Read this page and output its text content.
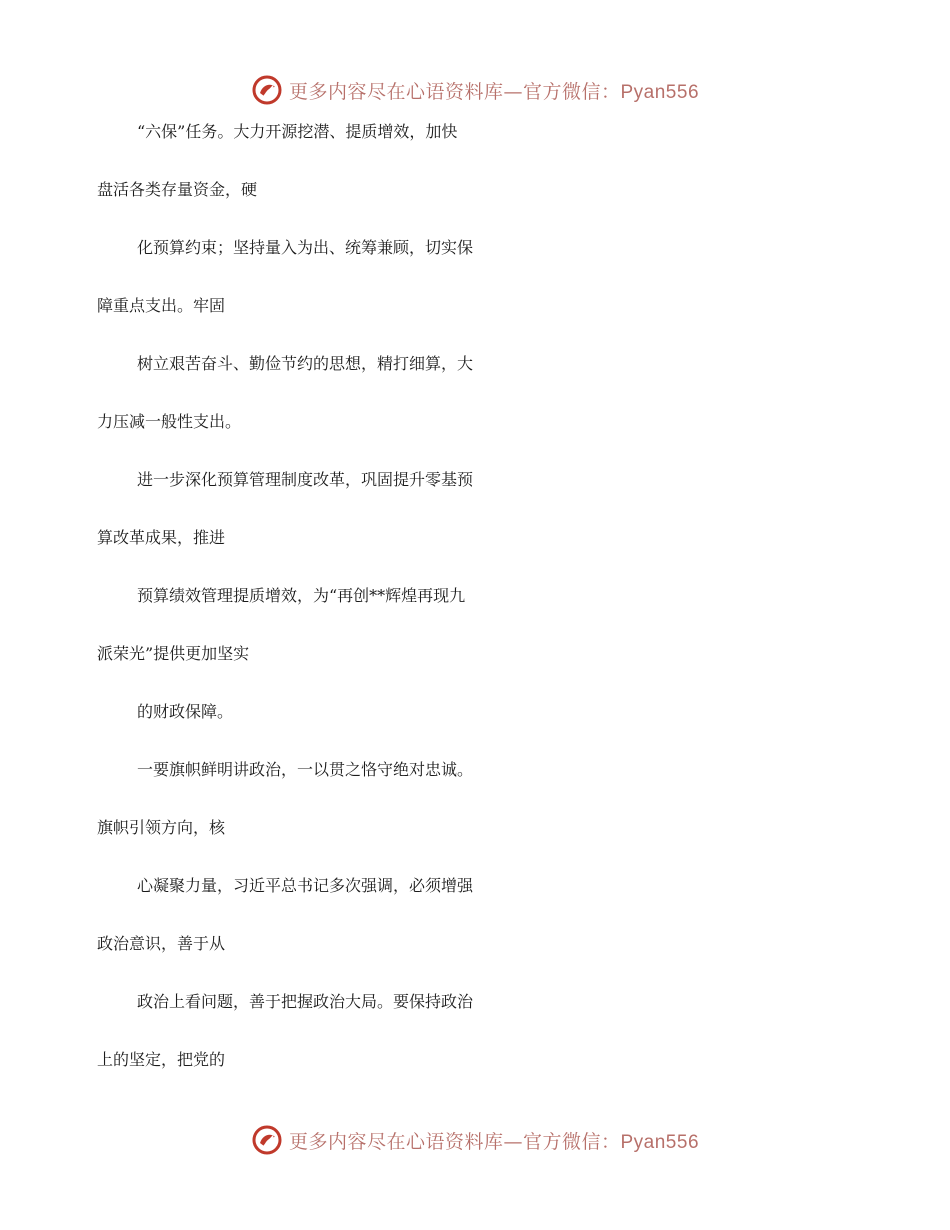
更多内容尽在心语资料库—官方微信：Pyan556
“六保”任务。大力开源挖潜、提质增效，加快
盘活各类存量资金，硬
化预算约束；坚持量入为出、统筹兼顾，切实保
障重点支出。牢固
树立艰苦奋斗、勤俭节约的思想，精打细算，大
力压减一般性支出。
进一步深化预算管理制度改革，巩固提升零基预
算改革成果，推进
预算绩效管理提质增效，为“再创**辉煌再现九
派荣光”提供更加坚实
的财政保障。
一要旗帜鲜明讲政治，一以贯之恪守绝对忠诚。
旗帜引领方向，核
心凝聚力量，习近平总书记多次强调，必须增强
政治意识，善于从
政治上看问题，善于把握政治大局。要保持政治
上的坚定，把党的
更多内容尽在心语资料库—官方微信：Pyan556
